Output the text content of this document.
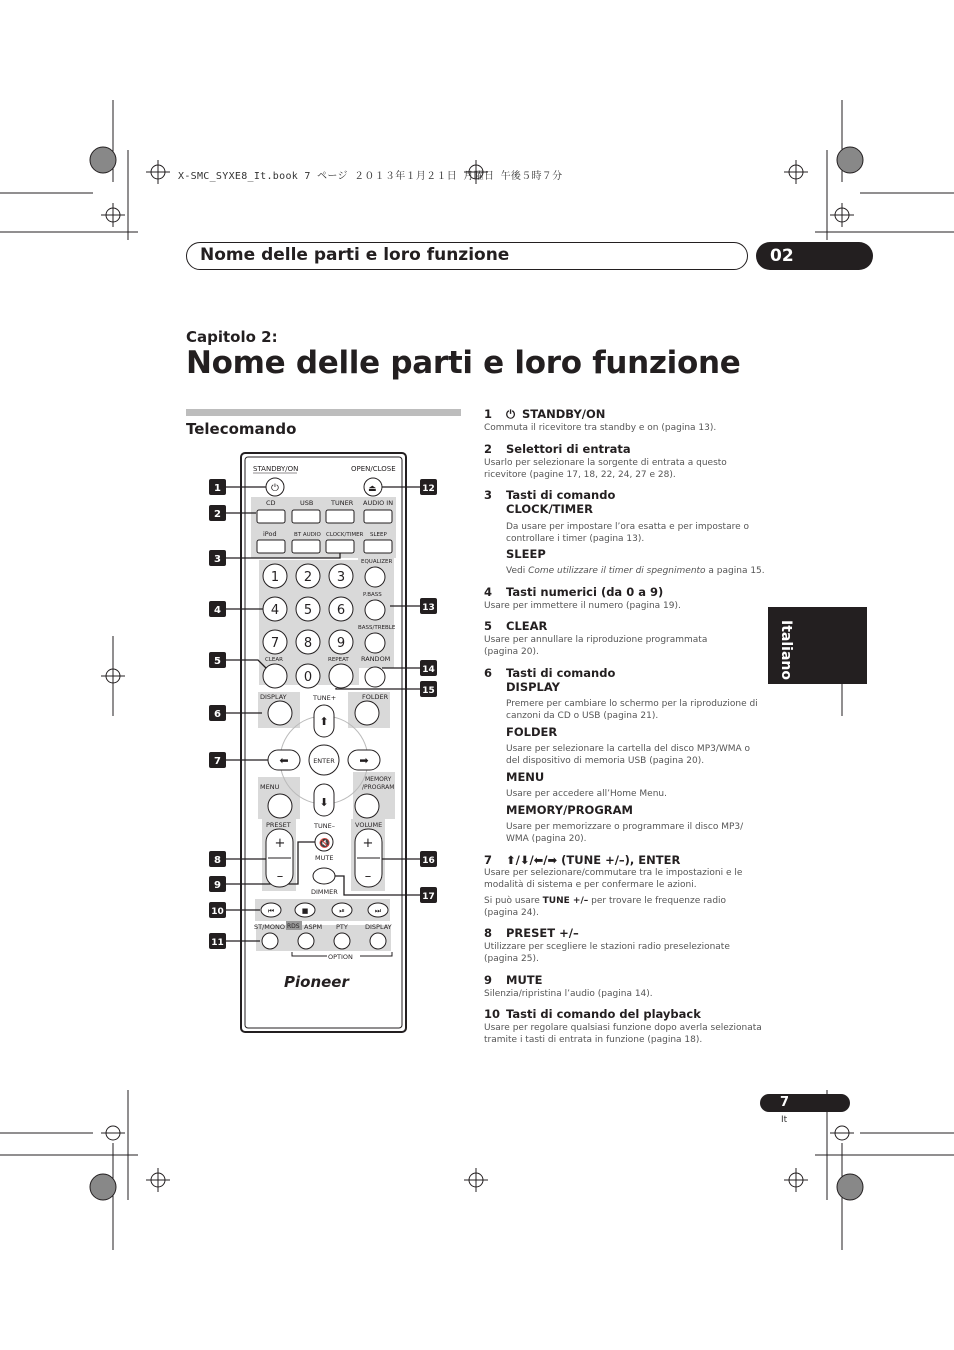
X-SMC_SYXE8_It.book 7 ページ ２０１３年１月２１日 月曜日 午後５時７分
Nome delle parti e loro funzione	02
Capitolo 2:
Nome delle parti e loro funzione
Telecomando
Italiano
STANDBY/ON
⏻
OPEN/CLOSE
⏏
CD	USB	TUNER AUDIO IN
iPod	BT AUDIO CLOCK/TIMER SLEEP
1 2 3
4 5 6
7 8 9
0
EQUALIZER
P.BASS
BASS/TREBLE
CLEAR	REPEAT RANDOM
DISPLAY	TUNE+	FOLDER
⬆
⬇
⬅	➡
ENTER
MENU
MEMORY
/PROGRAM
PRESET	TUNE–	VOLUME
MUTE
DIMMER
+
–
+
–
🔇
⏮	■	⏯	⏭
ST/MONO	ASPM PTY	DISPLAY
RDS
OPTION
Pioneer
1
2
3
4
5
6
7
8
9
10
11
12
13
14
15
16
17
1 ⏻ STANDBY/ON
Commuta il ricevitore tra standby e on (pagina 13).
2 Selettori di entrata
Usarlo per selezionare la sorgente di entrata a questo
ricevitore (pagine 17, 18, 22, 24, 27 e 28).
3 Tasti di comando
CLOCK/TIMER
Da usare per impostare l’ora esatta e per impostare o
controllare i timer (pagina 13).
SLEEP
Vedi Come utilizzare il timer di spegnimento a pagina 15.
4 Tasti numerici (da 0 a 9)
Usare per immettere il numero (pagina 19).
5 CLEAR
Usare per annullare la riproduzione programmata
(pagina 20).
6 Tasti di comando
DISPLAY
Premere per cambiare lo schermo per la riproduzione di
canzoni da CD o USB (pagina 21).
FOLDER
Usare per selezionare la cartella del disco MP3/WMA o
del dispositivo di memoria USB (pagina 20).
MENU
Usare per accedere all’Home Menu.
MEMORY/PROGRAM
Usare per memorizzare o programmare il disco MP3/
WMA (pagina 20).
7 ⬆/⬇/⬅/➡ (TUNE +/–), ENTER
Usare per selezionare/commutare tra le impostazioni e le
modalità di sistema e per confermare le azioni.
Si può usare TUNE +/– per trovare le frequenze radio
(pagina 24).
8 PRESET +/–
Utilizzare per scegliere le stazioni radio preselezionate
(pagina 25).
9 MUTE
Silenzia/ripristina l’audio (pagina 14).
10 Tasti di comando del playback
Usare per regolare qualsiasi funzione dopo averla selezionata
tramite i tasti di entrata in funzione (pagina 18).
7
It
